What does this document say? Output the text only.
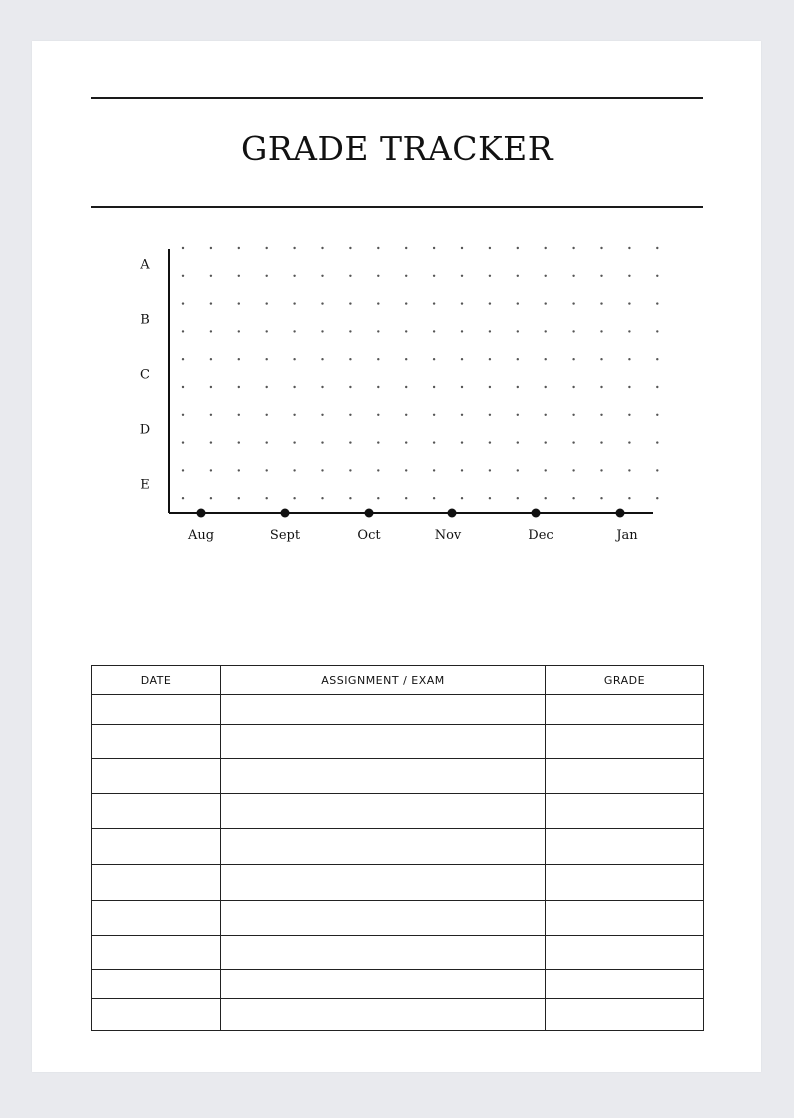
GRADE TRACKER
A
B
C
D
E
Aug	Sept	Oct	Nov	Dec	Jan
DATE	ASSIGNMENT / EXAM	GRADE
